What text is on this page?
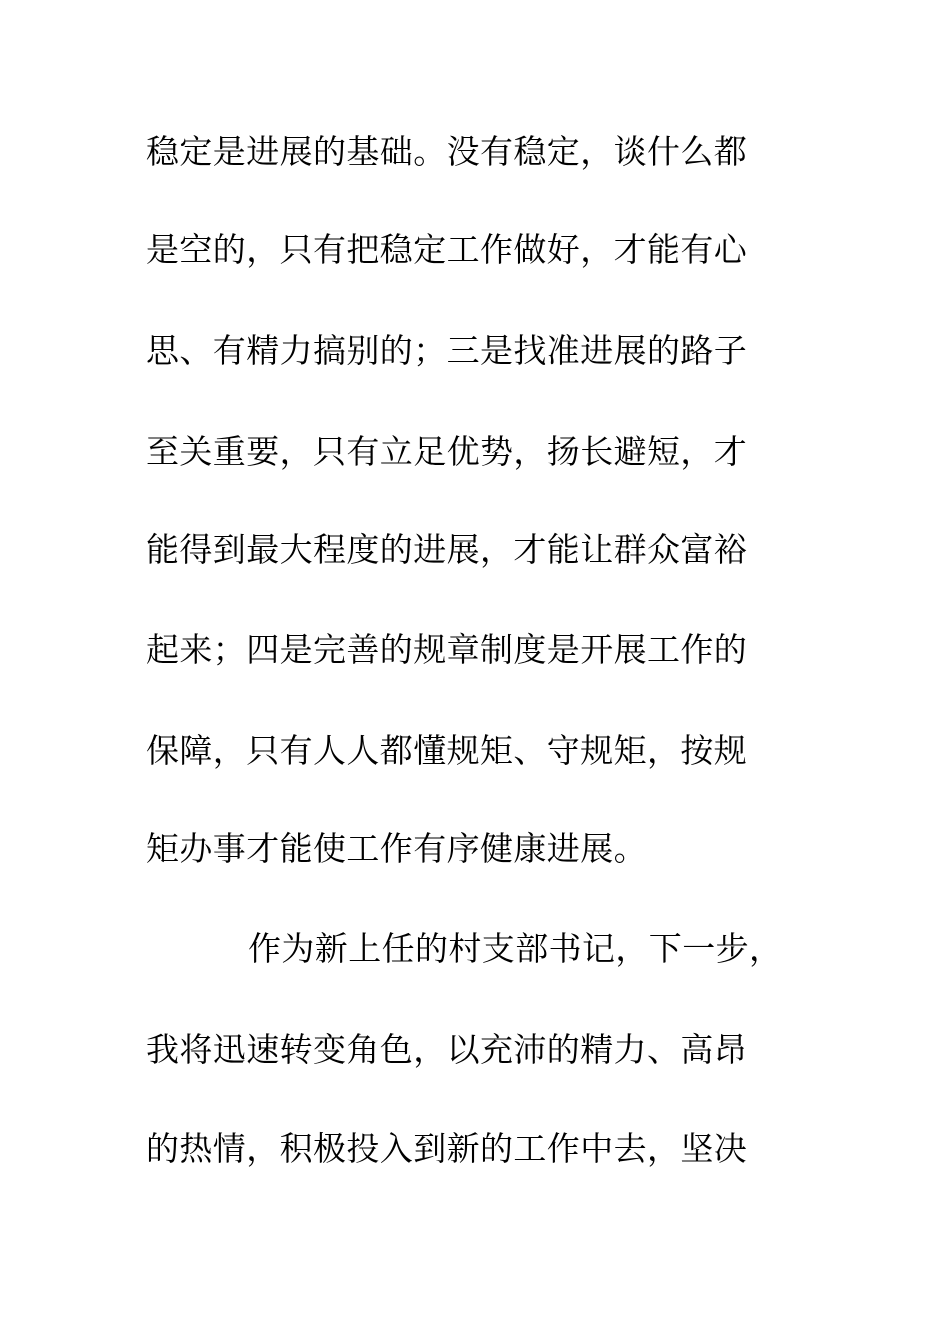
稳定是进展的基础。没有稳定，谈什么都
是空的，只有把稳定工作做好，才能有心
思、有精力搞别的；三是找准进展的路子
至关重要，只有立足优势，扬长避短，才
能得到最大程度的进展，才能让群众富裕
起来；四是完善的规章制度是开展工作的
保障，只有人人都懂规矩、守规矩，按规
矩办事才能使工作有序健康进展。
作为新上任的村支部书记，下一步，
我将迅速转变角色，以充沛的精力、高昂
的热情，积极投入到新的工作中去，坚决
